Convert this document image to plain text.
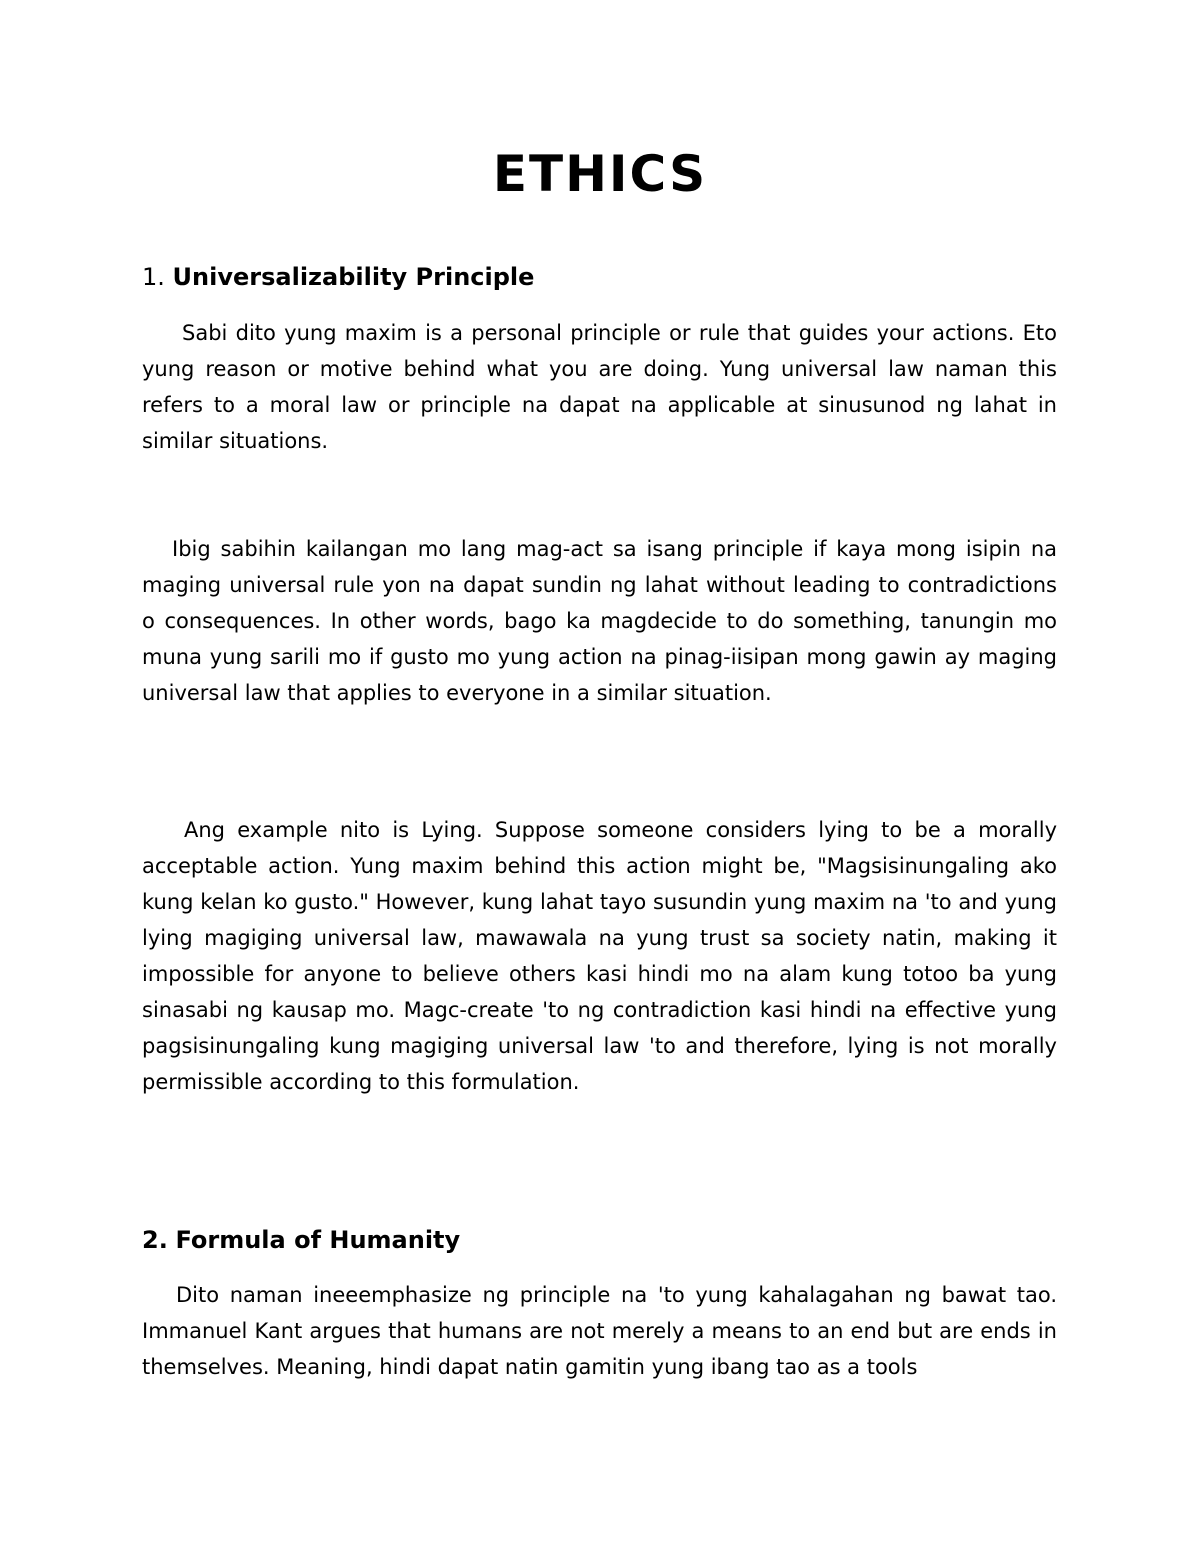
ETHICS
1. Universalizability Principle
Sabi dito yung maxim is a personal principle or rule that guides your actions. Eto yung reason or motive behind what you are doing. Yung universal law naman this refers to a moral law or principle na dapat na applicable at sinusunod ng lahat in similar situations.
Ibig sabihin kailangan mo lang mag-act sa isang principle if kaya mong isipin na maging universal rule yon na dapat sundin ng lahat without leading to contradictions o consequences. In other words, bago ka magdecide to do something, tanungin mo muna yung sarili mo if gusto mo yung action na pinag-iisipan mong gawin ay maging universal law that applies to everyone in a similar situation.
Ang example nito is Lying. Suppose someone considers lying to be a morally acceptable action. Yung maxim behind this action might be, "Magsisinungaling ako kung kelan ko gusto." However, kung lahat tayo susundin yung maxim na 'to and yung lying magiging universal law, mawawala na yung trust sa society natin, making it impossible for anyone to believe others kasi hindi mo na alam kung totoo ba yung sinasabi ng kausap mo. Magc-create 'to ng contradiction kasi hindi na effective yung pagsisinungaling kung magiging universal law 'to and therefore, lying is not morally permissible according to this formulation.
2. Formula of Humanity
Dito naman ineeemphasize ng principle na 'to yung kahalagahan ng bawat tao. Immanuel Kant argues that humans are not merely a means to an end but are ends in themselves. Meaning, hindi dapat natin gamitin yung ibang tao as a tools
